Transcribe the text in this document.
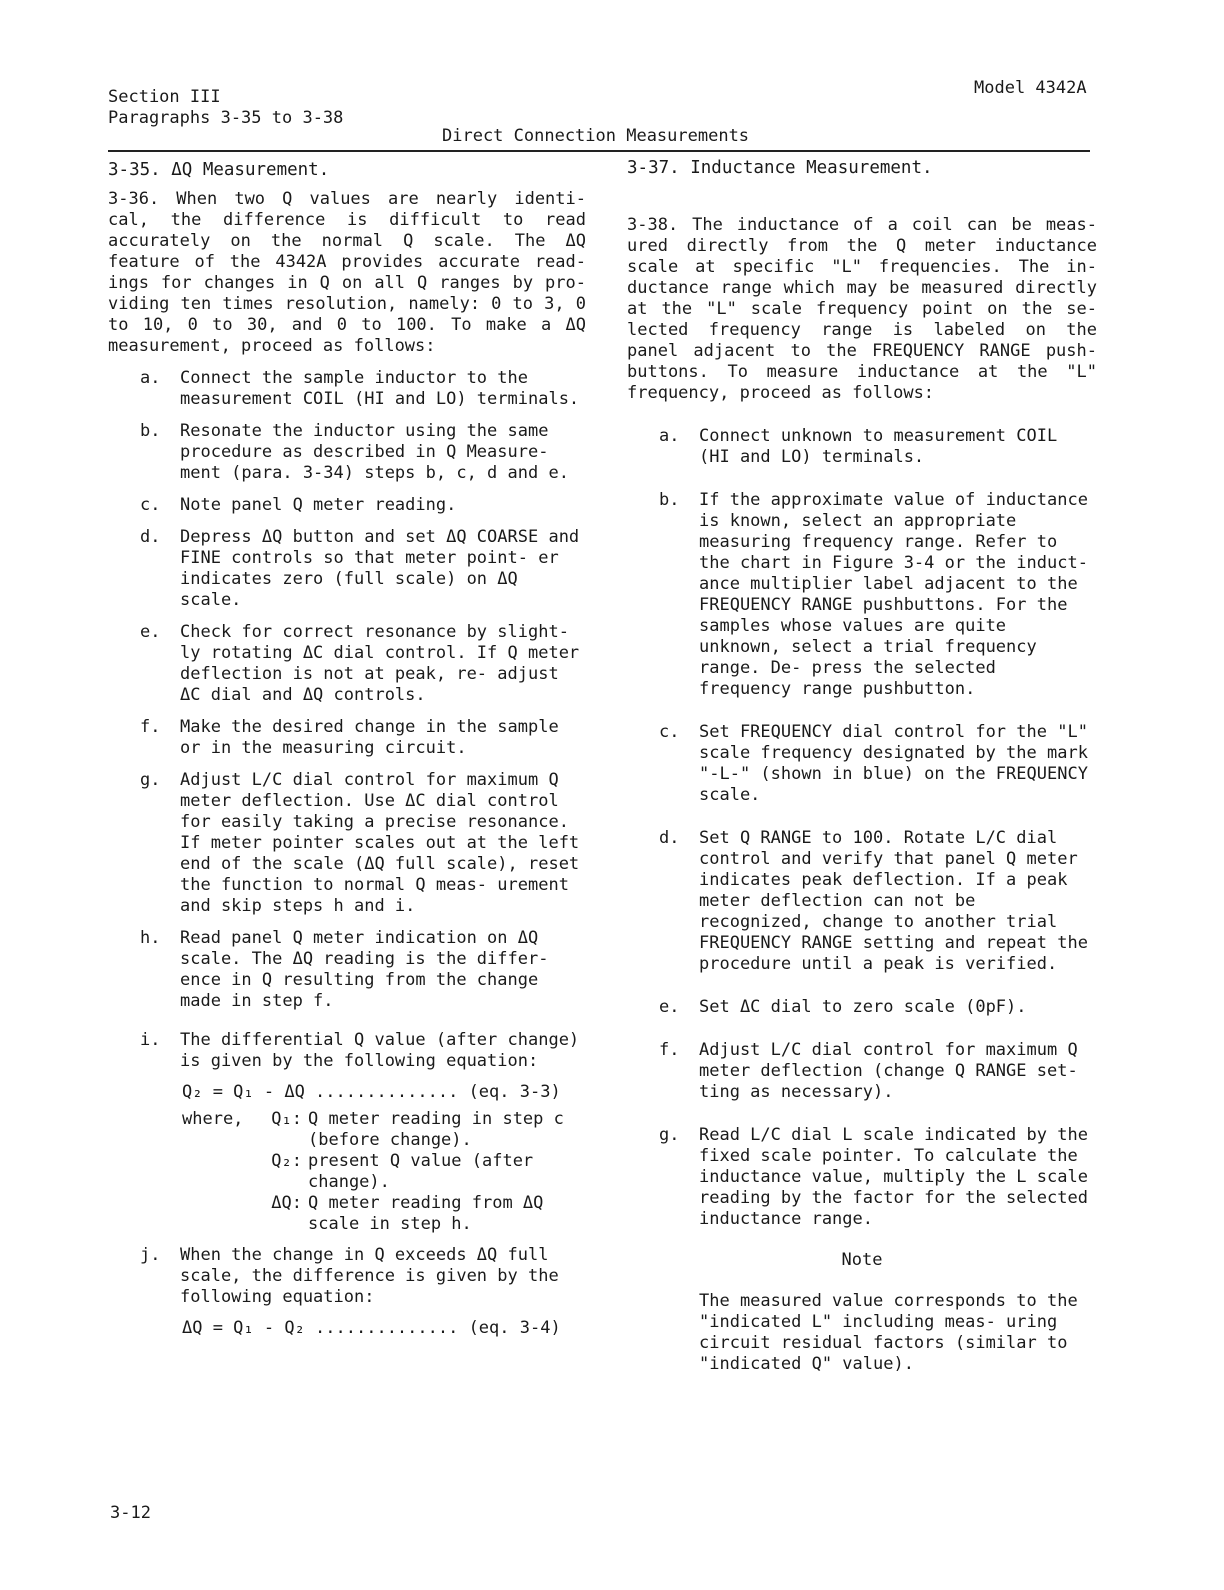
Section III
Paragraphs 3-35 to 3-38
Model 4342A
Direct Connection Measurements
3-35. ΔQ Measurement.

3-36. When two Q values are nearly identi- cal, the difference is difficult to read accurately on the normal Q scale. The ΔQ feature of the 4342A provides accurate read- ings for changes in Q on all Q ranges by pro- viding ten times resolution, namely: 0 to 3, 0 to 10, 0 to 30, and 0 to 100. To make a ΔQ measurement, proceed as follows:

a. Connect the sample inductor to the measurement COIL (HI and LO) terminals.

b. Resonate the inductor using the same procedure as described in Q Measure- ment (para. 3-34) steps b, c, d and e.

c. Note panel Q meter reading.

d. Depress ΔQ button and set ΔQ COARSE and FINE controls so that meter point- er indicates zero (full scale) on ΔQ scale.

e. Check for correct resonance by slight- ly rotating ΔC dial control. If Q meter deflection is not at peak, re- adjust ΔC dial and ΔQ controls.

f. Make the desired change in the sample or in the measuring circuit.

g. Adjust L/C dial control for maximum Q meter deflection. Use ΔC dial control for easily taking a precise resonance. If meter pointer scales out at the left end of the scale (ΔQ full scale), reset the function to normal Q meas- urement and skip steps h and i.

h. Read panel Q meter indication on ΔQ scale. The ΔQ reading is the differ- ence in Q resulting from the change made in step f.

i. The differential Q value (after change) is given by the following equation:

Q₂ = Q₁ - ΔQ .............. (eq. 3-3)
where,	Q₁: Q meter reading in step c (before change).

Q₂: present Q value (after change).

ΔQ: Q meter reading from ΔQ scale in step h.

j. When the change in Q exceeds ΔQ full scale, the difference is given by the following equation:

ΔQ = Q₁ - Q₂ .............. (eq. 3-4)
3-37. Inductance Measurement.

3-38. The inductance of a coil can be meas- ured directly from the Q meter inductance scale at specific "L" frequencies. The in- ductance range which may be measured directly at the "L" scale frequency point on the se- lected frequency range is labeled on the panel adjacent to the FREQUENCY RANGE push- buttons. To measure inductance at the "L" frequency, proceed as follows:

a. Connect unknown to measurement COIL (HI and LO) terminals.

b. If the approximate value of inductance is known, select an appropriate measuring frequency range. Refer to the chart in Figure 3-4 or the induct- ance multiplier label adjacent to the FREQUENCY RANGE pushbuttons. For the samples whose values are quite unknown, select a trial frequency range. De- press the selected frequency range pushbutton.

c. Set FREQUENCY dial control for the "L" scale frequency designated by the mark "-L-" (shown in blue) on the FREQUENCY scale.

d. Set Q RANGE to 100. Rotate L/C dial control and verify that panel Q meter indicates peak deflection. If a peak meter deflection can not be recognized, change to another trial FREQUENCY RANGE setting and repeat the procedure until a peak is verified.

e. Set ΔC dial to zero scale (0pF).

f. Adjust L/C dial control for maximum Q meter deflection (change Q RANGE set- ting as necessary).

g. Read L/C dial L scale indicated by the fixed scale pointer. To calculate the inductance value, multiply the L scale reading by the factor for the selected inductance range.

Note

The measured value corresponds to the "indicated L" including meas- uring circuit residual factors (similar to "indicated Q" value).

3-12
